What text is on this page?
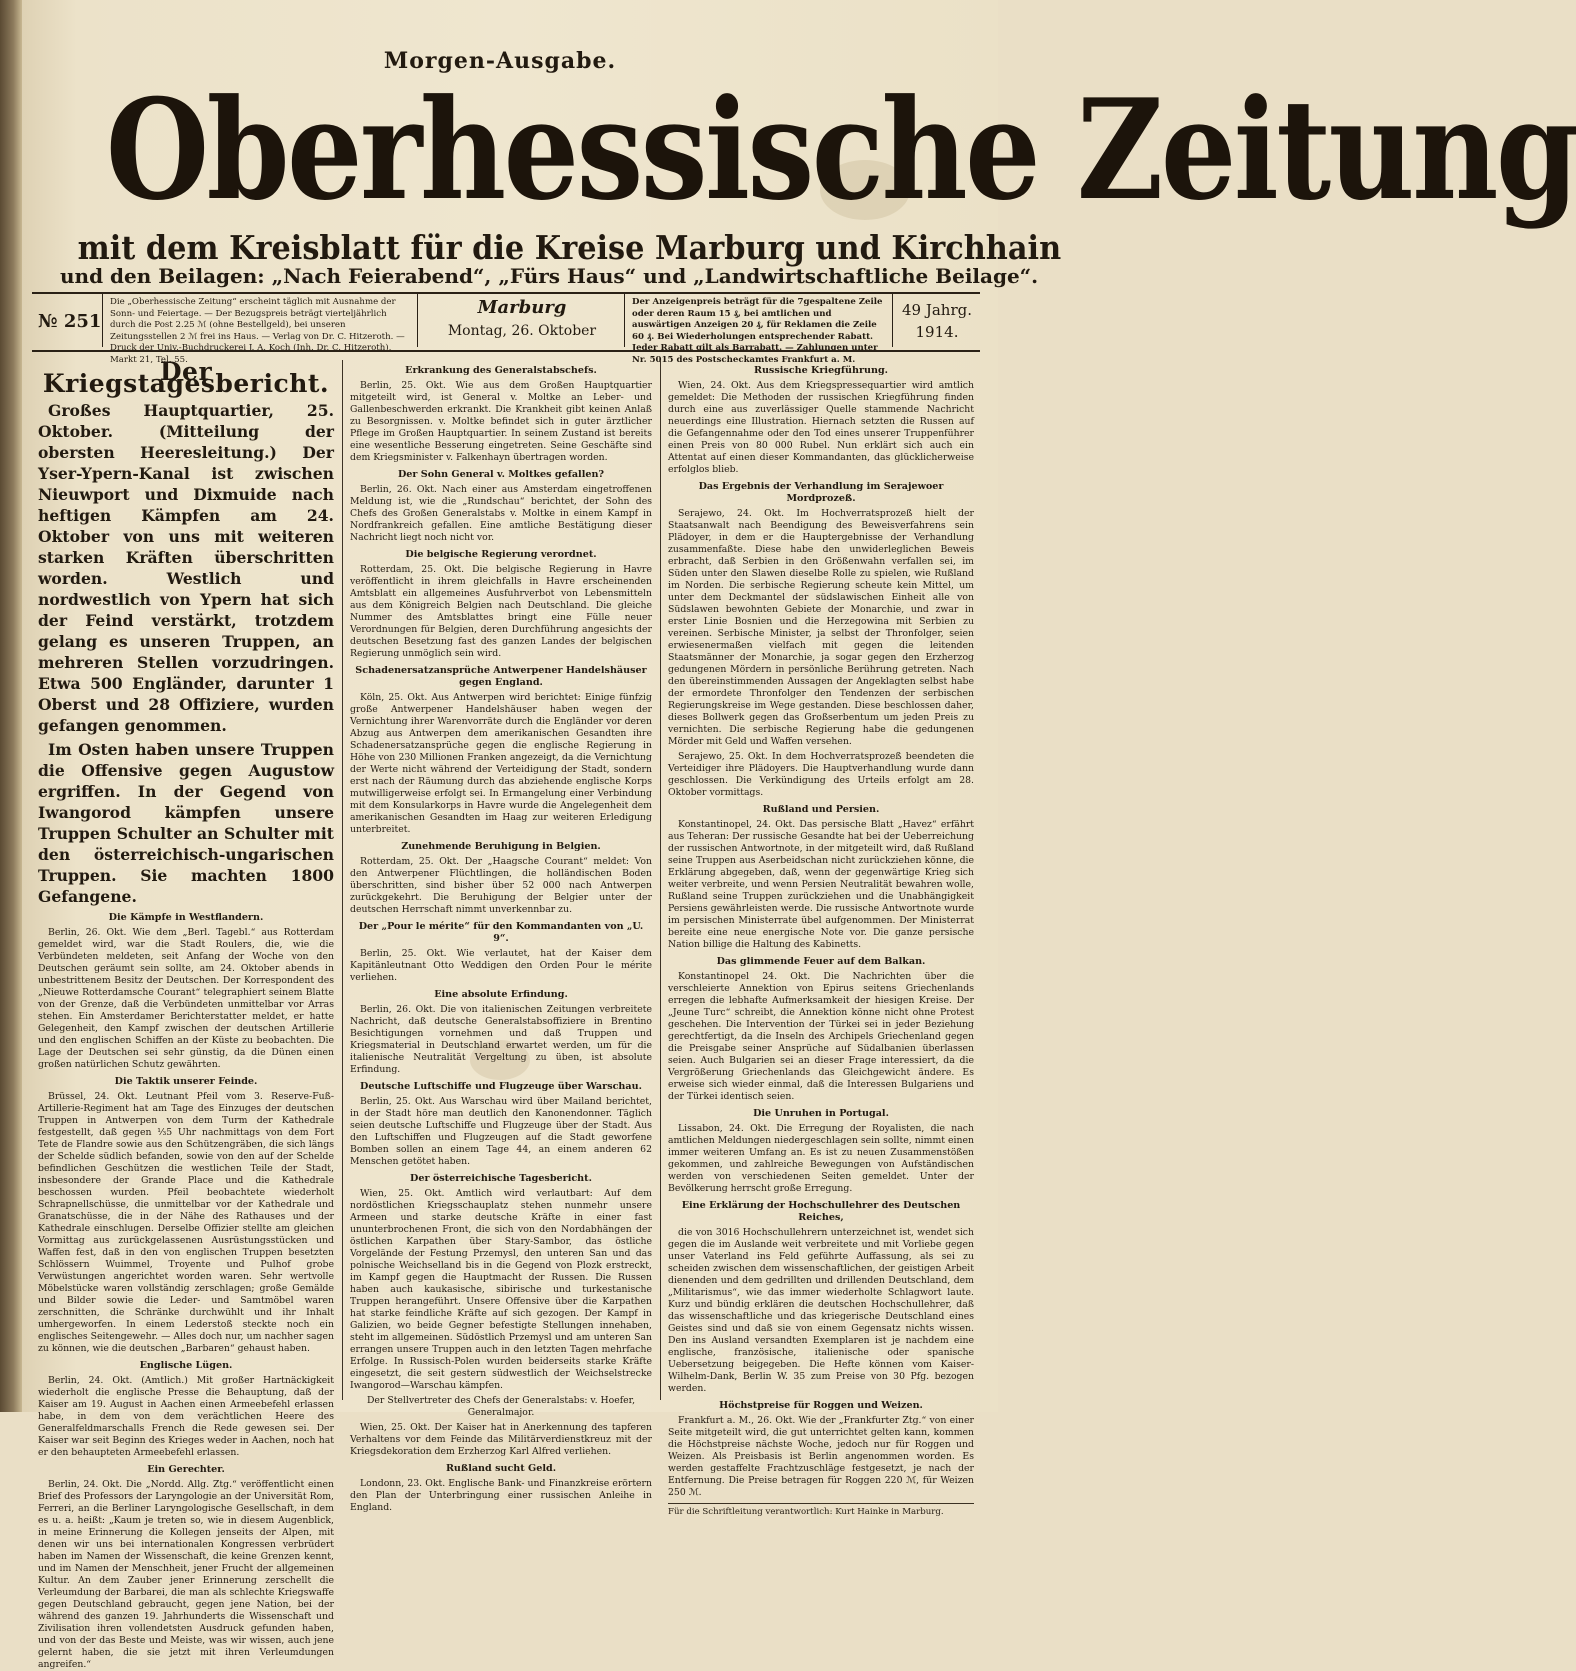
Morgen-Ausgabe.
Oberhessische Zeitung
mit dem Kreisblatt für die Kreise Marburg und Kirchhain
und den Beilagen: „Nach Feierabend“, „Fürs Haus“ und „Landwirtschaftliche Beilage“.
№ 251
Die „Oberhessische Zeitung“ erscheint täglich mit Ausnahme der Sonn- und Feiertage. — Der Bezugspreis beträgt vierteljährlich durch die Post 2.25 ℳ (ohne Bestellgeld), bei unseren Zeitungsstellen 2 ℳ frei ins Haus. — Verlag von Dr. C. Hitzeroth. — Druck der Univ.-Buchdruckerei J. A. Koch (Inh. Dr. C. Hitzeroth), Markt 21, Tel. 55.
Marburg
Montag, 26. Oktober
Der Anzeigenpreis beträgt für die 7gespaltene Zeile oder deren Raum 15 ₰, bei amtlichen und auswärtigen Anzeigen 20 ₰, für Reklamen die Zeile 60 ₰. Bei Wiederholungen entsprechender Rabatt. Jeder Rabatt gilt als Barrabatt. — Zahlungen unter Nr. 5015 des Postscheckamtes Frankfurt a. M.
49 Jahrg.
1914.
Der Kriegstagesbericht.

Großes Hauptquartier, 25. Oktober. (Mitteilung der obersten Heeresleitung.) Der Yser-Ypern-Kanal ist zwischen Nieuwport und Dixmuide nach heftigen Kämpfen am 24. Oktober von uns mit weiteren starken Kräften überschritten worden. Westlich und nordwestlich von Ypern hat sich der Feind verstärkt, trotzdem gelang es unseren Truppen, an mehreren Stellen vorzudringen. Etwa 500 Engländer, darunter 1 Oberst und 28 Offiziere, wurden gefangen genommen.

Im Osten haben unsere Truppen die Offensive gegen Augustow ergriffen. In der Gegend von Iwangorod kämpfen unsere Truppen Schulter an Schulter mit den österreichisch-ungarischen Truppen. Sie machten 1800 Gefangene.

Die Kämpfe in Westflandern.

Berlin, 26. Okt. Wie dem „Berl. Tagebl.“ aus Rotterdam gemeldet wird, war die Stadt Roulers, die, wie die Verbündeten meldeten, seit Anfang der Woche von den Deutschen geräumt sein sollte, am 24. Oktober abends in unbestrittenem Besitz der Deutschen. Der Korrespondent des „Nieuwe Rotterdamsche Courant“ telegraphiert seinem Blatte von der Grenze, daß die Verbündeten unmittelbar vor Arras stehen. Ein Amsterdamer Berichterstatter meldet, er hatte Gelegenheit, den Kampf zwischen der deutschen Artillerie und den englischen Schiffen an der Küste zu beobachten. Die Lage der Deutschen sei sehr günstig, da die Dünen einen großen natürlichen Schutz gewährten.

Die Taktik unserer Feinde.

Brüssel, 24. Okt. Leutnant Pfeil vom 3. Reserve-Fuß-Artillerie-Regiment hat am Tage des Einzuges der deutschen Truppen in Antwerpen von dem Turm der Kathedrale festgestellt, daß gegen ⅓5 Uhr nachmittags von dem Fort Tete de Flandre sowie aus den Schützengräben, die sich längs der Schelde südlich befanden, sowie von den auf der Schelde befindlichen Geschützen die westlichen Teile der Stadt, insbesondere der Grande Place und die Kathedrale beschossen wurden. Pfeil beobachtete wiederholt Schrapnellschüsse, die unmittelbar vor der Kathedrale und Granatschüsse, die in der Nähe des Rathauses und der Kathedrale einschlugen. Derselbe Offizier stellte am gleichen Vormittag aus zurückgelassenen Ausrüstungsstücken und Waffen fest, daß in den von englischen Truppen besetzten Schlössern Wuimmel, Troyente und Pulhof grobe Verwüstungen angerichtet worden waren. Sehr wertvolle Möbelstücke waren vollständig zerschlagen; große Gemälde und Bilder sowie die Leder- und Samtmöbel waren zerschnitten, die Schränke durchwühlt und ihr Inhalt umhergeworfen. In einem Lederstoß steckte noch ein englisches Seitengewehr. — Alles doch nur, um nachher sagen zu können, wie die deutschen „Barbaren“ gehaust haben.

Englische Lügen.

Berlin, 24. Okt. (Amtlich.) Mit großer Hartnäckigkeit wiederholt die englische Presse die Behauptung, daß der Kaiser am 19. August in Aachen einen Armeebefehl erlassen habe, in dem von dem verächtlichen Heere des Generalfeldmarschalls French die Rede gewesen sei. Der Kaiser war seit Beginn des Krieges weder in Aachen, noch hat er den behaupteten Armeebefehl erlassen.

Ein Gerechter.

Berlin, 24. Okt. Die „Nordd. Allg. Ztg.“ veröffentlicht einen Brief des Professors der Laryngologie an der Universität Rom, Ferreri, an die Berliner Laryngologische Gesellschaft, in dem es u. a. heißt: „Kaum je treten so, wie in diesem Augenblick, in meine Erinnerung die Kollegen jenseits der Alpen, mit denen wir uns bei internationalen Kongressen verbrüdert haben im Namen der Wissenschaft, die keine Grenzen kennt, und im Namen der Menschheit, jener Frucht der allgemeinen Kultur. An dem Zauber jener Erinnerung zerschellt die Verleumdung der Barbarei, die man als schlechte Kriegswaffe gegen Deutschland gebraucht, gegen jene Nation, bei der während des ganzen 19. Jahrhunderts die Wissenschaft und Zivilisation ihren vollendetsten Ausdruck gefunden haben, und von der das Beste und Meiste, was wir wissen, auch jene gelernt haben, die sie jetzt mit ihren Verleumdungen angreifen.“

Erkrankung des Generalstabschefs.

Berlin, 25. Okt. Wie aus dem Großen Hauptquartier mitgeteilt wird, ist General v. Moltke an Leber- und Gallenbeschwerden erkrankt. Die Krankheit gibt keinen Anlaß zu Besorgnissen. v. Moltke befindet sich in guter ärztlicher Pflege im Großen Hauptquartier. In seinem Zustand ist bereits eine wesentliche Besserung eingetreten. Seine Geschäfte sind dem Kriegsminister v. Falkenhayn übertragen worden.

Der Sohn General v. Moltkes gefallen?

Berlin, 26. Okt. Nach einer aus Amsterdam eingetroffenen Meldung ist, wie die „Rundschau“ berichtet, der Sohn des Chefs des Großen Generalstabs v. Moltke in einem Kampf in Nordfrankreich gefallen. Eine amtliche Bestätigung dieser Nachricht liegt noch nicht vor.

Die belgische Regierung verordnet.

Rotterdam, 25. Okt. Die belgische Regierung in Havre veröffentlicht in ihrem gleichfalls in Havre erscheinenden Amtsblatt ein allgemeines Ausfuhrverbot von Lebensmitteln aus dem Königreich Belgien nach Deutschland. Die gleiche Nummer des Amtsblattes bringt eine Fülle neuer Verordnungen für Belgien, deren Durchführung angesichts der deutschen Besetzung fast des ganzen Landes der belgischen Regierung unmöglich sein wird.

Schadenersatzansprüche Antwerpener Handelshäuser gegen England.

Köln, 25. Okt. Aus Antwerpen wird berichtet: Einige fünfzig große Antwerpener Handelshäuser haben wegen der Vernichtung ihrer Warenvorräte durch die Engländer vor deren Abzug aus Antwerpen dem amerikanischen Gesandten ihre Schadenersatzansprüche gegen die englische Regierung in Höhe von 230 Millionen Franken angezeigt, da die Vernichtung der Werte nicht während der Verteidigung der Stadt, sondern erst nach der Räumung durch das abziehende englische Korps mutwilligerweise erfolgt sei. In Ermangelung einer Verbindung mit dem Konsularkorps in Havre wurde die Angelegenheit dem amerikanischen Gesandten im Haag zur weiteren Erledigung unterbreitet.

Zunehmende Beruhigung in Belgien.

Rotterdam, 25. Okt. Der „Haagsche Courant“ meldet: Von den Antwerpener Flüchtlingen, die holländischen Boden überschritten, sind bisher über 52 000 nach Antwerpen zurückgekehrt. Die Beruhigung der Belgier unter der deutschen Herrschaft nimmt unverkennbar zu.

Der „Pour le mérite“ für den Kommandanten von „U. 9“.

Berlin, 25. Okt. Wie verlautet, hat der Kaiser dem Kapitänleutnant Otto Weddigen den Orden Pour le mérite verliehen.

Eine absolute Erfindung.

Berlin, 26. Okt. Die von italienischen Zeitungen verbreitete Nachricht, daß deutsche Generalstabsoffiziere in Brentino Besichtigungen vornehmen und daß Truppen und Kriegsmaterial in Deutschland erwartet werden, um für die italienische Neutralität Vergeltung zu üben, ist absolute Erfindung.

Deutsche Luftschiffe und Flugzeuge über Warschau.

Berlin, 25. Okt. Aus Warschau wird über Mailand berichtet, in der Stadt höre man deutlich den Kanonendonner. Täglich seien deutsche Luftschiffe und Flugzeuge über der Stadt. Aus den Luftschiffen und Flugzeugen auf die Stadt geworfene Bomben sollen an einem Tage 44, an einem anderen 62 Menschen getötet haben.

Der österreichische Tagesbericht.

Wien, 25. Okt. Amtlich wird verlautbart: Auf dem nordöstlichen Kriegsschauplatz stehen nunmehr unsere Armeen und starke deutsche Kräfte in einer fast ununterbrochenen Front, die sich von den Nordabhängen der östlichen Karpathen über Stary-Sambor, das östliche Vorgelände der Festung Przemysl, den unteren San und das polnische Weichselland bis in die Gegend von Plozk erstreckt, im Kampf gegen die Hauptmacht der Russen. Die Russen haben auch kaukasische, sibirische und turkestanische Truppen herangeführt. Unsere Offensive über die Karpathen hat starke feindliche Kräfte auf sich gezogen. Der Kampf in Galizien, wo beide Gegner befestigte Stellungen innehaben, steht im allgemeinen. Südöstlich Przemysl und am unteren San errangen unsere Truppen auch in den letzten Tagen mehrfache Erfolge. In Russisch-Polen wurden beiderseits starke Kräfte eingesetzt, die seit gestern südwestlich der Weichselstrecke Iwangorod—Warschau kämpfen.

Der Stellvertreter des Chefs der Generalstabs: v. Hoefer, Generalmajor.

Wien, 25. Okt. Der Kaiser hat in Anerkennung des tapferen Verhaltens vor dem Feinde das Militärverdienstkreuz mit der Kriegsdekoration dem Erzherzog Karl Alfred verliehen.

Rußland sucht Geld.

Londonn, 23. Okt. Englische Bank- und Finanzkreise erörtern den Plan der Unterbringung einer russischen Anleihe in England.

Russische Kriegführung.

Wien, 24. Okt. Aus dem Kriegspressequartier wird amtlich gemeldet: Die Methoden der russischen Kriegführung finden durch eine aus zuverlässiger Quelle stammende Nachricht neuerdings eine Illustration. Hiernach setzten die Russen auf die Gefangennahme oder den Tod eines unserer Truppenführer einen Preis von 80 000 Rubel. Nun erklärt sich auch ein Attentat auf einen dieser Kommandanten, das glücklicherweise erfolglos blieb.

Das Ergebnis der Verhandlung im Serajewoer Mordprozeß.

Serajewo, 24. Okt. Im Hochverratsprozeß hielt der Staatsanwalt nach Beendigung des Beweisverfahrens sein Plädoyer, in dem er die Hauptergebnisse der Verhandlung zusammenfaßte. Diese habe den unwiderleglichen Beweis erbracht, daß Serbien in den Größenwahn verfallen sei, im Süden unter den Slawen dieselbe Rolle zu spielen, wie Rußland im Norden. Die serbische Regierung scheute kein Mittel, um unter dem Deckmantel der südslawischen Einheit alle von Südslawen bewohnten Gebiete der Monarchie, und zwar in erster Linie Bosnien und die Herzegowina mit Serbien zu vereinen. Serbische Minister, ja selbst der Thronfolger, seien erwiesenermaßen vielfach mit gegen die leitenden Staatsmänner der Monarchie, ja sogar gegen den Erzherzog gedungenen Mördern in persönliche Berührung getreten. Nach den übereinstimmenden Aussagen der Angeklagten selbst habe der ermordete Thronfolger den Tendenzen der serbischen Regierungskreise im Wege gestanden. Diese beschlossen daher, dieses Bollwerk gegen das Großserbentum um jeden Preis zu vernichten. Die serbische Regierung habe die gedungenen Mörder mit Geld und Waffen versehen.

Serajewo, 25. Okt. In dem Hochverratsprozeß beendeten die Verteidiger ihre Plädoyers. Die Hauptverhandlung wurde dann geschlossen. Die Verkündigung des Urteils erfolgt am 28. Oktober vormittags.

Rußland und Persien.

Konstantinopel, 24. Okt. Das persische Blatt „Havez“ erfährt aus Teheran: Der russische Gesandte hat bei der Ueberreichung der russischen Antwortnote, in der mitgeteilt wird, daß Rußland seine Truppen aus Aserbeidschan nicht zurückziehen könne, die Erklärung abgegeben, daß, wenn der gegenwärtige Krieg sich weiter verbreite, und wenn Persien Neutralität bewahren wolle, Rußland seine Truppen zurückziehen und die Unabhängigkeit Persiens gewährleisten werde. Die russische Antwortnote wurde im persischen Ministerrate übel aufgenommen. Der Ministerrat bereite eine neue energische Note vor. Die ganze persische Nation billige die Haltung des Kabinetts.

Das glimmende Feuer auf dem Balkan.

Konstantinopel 24. Okt. Die Nachrichten über die verschleierte Annektion von Epirus seitens Griechenlands erregen die lebhafte Aufmerksamkeit der hiesigen Kreise. Der „Jeune Turc“ schreibt, die Annektion könne nicht ohne Protest geschehen. Die Intervention der Türkei sei in jeder Beziehung gerechtfertigt, da die Inseln des Archipels Griechenland gegen die Preisgabe seiner Ansprüche auf Südalbanien überlassen seien. Auch Bulgarien sei an dieser Frage interessiert, da die Vergrößerung Griechenlands das Gleichgewicht ändere. Es erweise sich wieder einmal, daß die Interessen Bulgariens und der Türkei identisch seien.

Die Unruhen in Portugal.

Lissabon, 24. Okt. Die Erregung der Royalisten, die nach amtlichen Meldungen niedergeschlagen sein sollte, nimmt einen immer weiteren Umfang an. Es ist zu neuen Zusammenstößen gekommen, und zahlreiche Bewegungen von Aufständischen werden von verschiedenen Seiten gemeldet. Unter der Bevölkerung herrscht große Erregung.

Eine Erklärung der Hochschullehrer des Deutschen Reiches,

die von 3016 Hochschullehrern unterzeichnet ist, wendet sich gegen die im Auslande weit verbreitete und mit Vorliebe gegen unser Vaterland ins Feld geführte Auffassung, als sei zu scheiden zwischen dem wissenschaftlichen, der geistigen Arbeit dienenden und dem gedrillten und drillenden Deutschland, dem „Militarismus“, wie das immer wiederholte Schlagwort laute. Kurz und bündig erklären die deutschen Hochschullehrer, daß das wissenschaftliche und das kriegerische Deutschland eines Geistes sind und daß sie von einem Gegensatz nichts wissen. Den ins Ausland versandten Exemplaren ist je nachdem eine englische, französische, italienische oder spanische Uebersetzung beigegeben. Die Hefte können vom Kaiser-Wilhelm-Dank, Berlin W. 35 zum Preise von 30 Pfg. bezogen werden.

Höchstpreise für Roggen und Weizen.

Frankfurt a. M., 26. Okt. Wie der „Frankfurter Ztg.“ von einer Seite mitgeteilt wird, die gut unterrichtet gelten kann, kommen die Höchstpreise nächste Woche, jedoch nur für Roggen und Weizen. Als Preisbasis ist Berlin angenommen worden. Es werden gestaffelte Frachtzuschläge festgesetzt, je nach der Entfernung. Die Preise betragen für Roggen 220 ℳ, für Weizen 250 ℳ.

Für die Schriftleitung verantwortlich: Kurt Hainke in Marburg.
